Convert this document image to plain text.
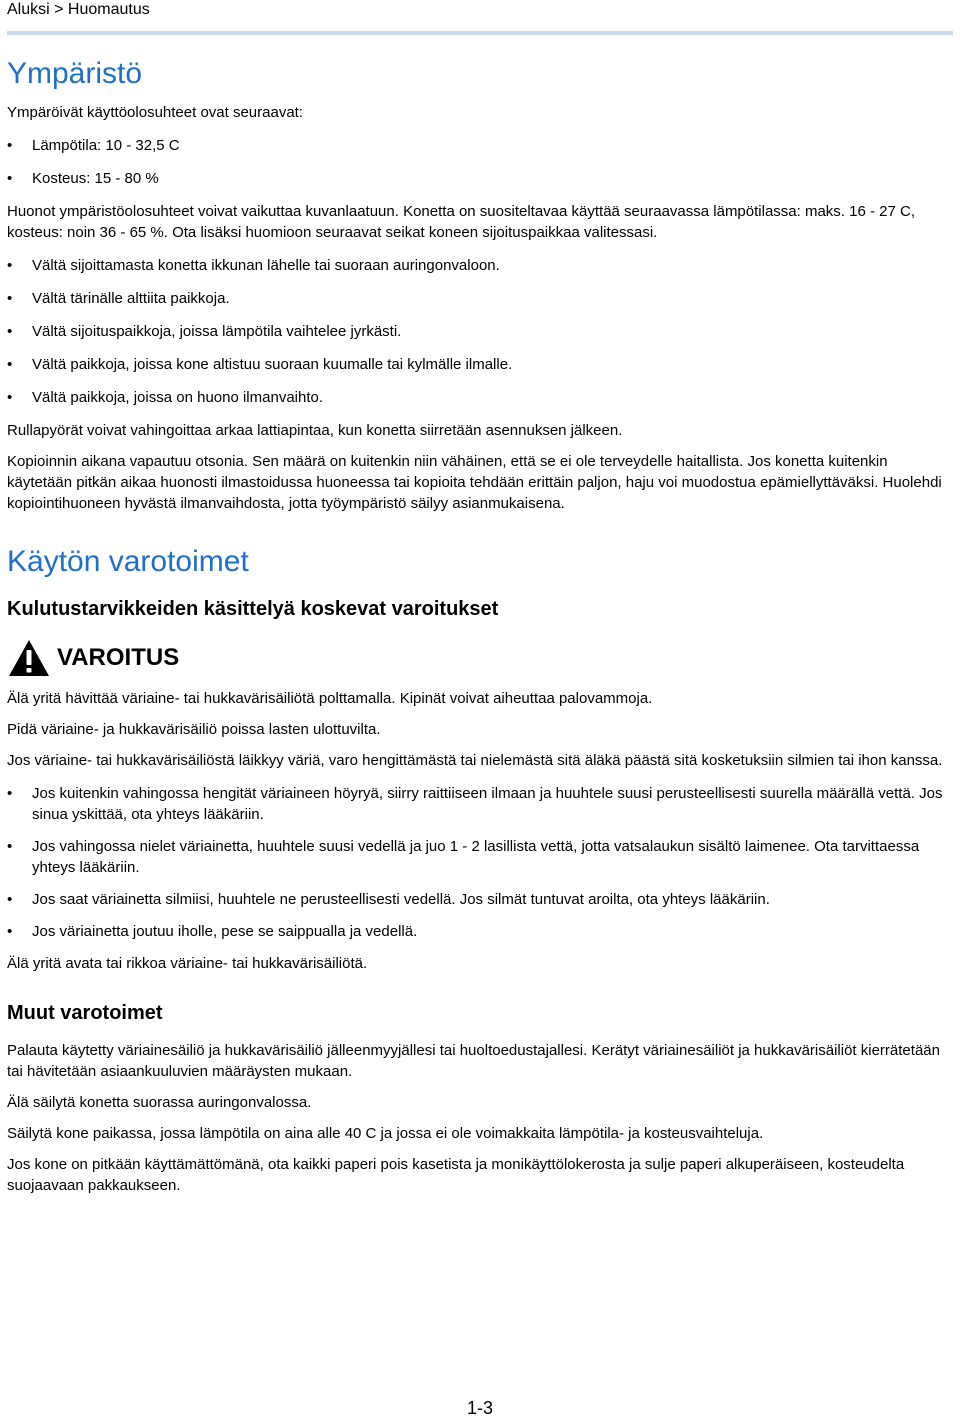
Aluksi > Huomautus
Ympäristö

Ympäröivät käyttöolosuhteet ovat seuraavat:

• Lämpötila: 10 - 32,5 C
• Kosteus: 15 - 80 %

Huonot ympäristöolosuhteet voivat vaikuttaa kuvanlaatuun. Konetta on suositeltavaa käyttää seuraavassa lämpötilassa: maks. 16 - 27 C, kosteus: noin 36 - 65 %. Ota lisäksi huomioon seuraavat seikat koneen sijoituspaikkaa valitessasi.

• Vältä sijoittamasta konetta ikkunan lähelle tai suoraan auringonvaloon.
• Vältä tärinälle alttiita paikkoja.
• Vältä sijoituspaikkoja, joissa lämpötila vaihtelee jyrkästi.
• Vältä paikkoja, joissa kone altistuu suoraan kuumalle tai kylmälle ilmalle.
• Vältä paikkoja, joissa on huono ilmanvaihto.

Rullapyörät voivat vahingoittaa arkaa lattiapintaa, kun konetta siirretään asennuksen jälkeen.

Kopioinnin aikana vapautuu otsonia. Sen määrä on kuitenkin niin vähäinen, että se ei ole terveydelle haitallista. Jos konetta kuitenkin käytetään pitkän aikaa huonosti ilmastoidussa huoneessa tai kopioita tehdään erittäin paljon, haju voi muodostua epämiellyttäväksi. Huolehdi kopiointihuoneen hyvästä ilmanvaihdosta, jotta työympäristö säilyy asianmukaisena.

Käytön varotoimet
Kulutustarvikkeiden käsittelyä koskevat varoitukset
VAROITUS

Älä yritä hävittää väriaine- tai hukkavärisäiliötä polttamalla. Kipinät voivat aiheuttaa palovammoja.

Pidä väriaine- ja hukkavärisäiliö poissa lasten ulottuvilta.

Jos väriaine- tai hukkavärisäiliöstä läikkyy väriä, varo hengittämästä tai nielemästä sitä äläkä päästä sitä kosketuksiin silmien tai ihon kanssa.

• Jos kuitenkin vahingossa hengität väriaineen höyryä, siirry raittiiseen ilmaan ja huuhtele suusi perusteellisesti suurella määrällä vettä. Jos sinua yskittää, ota yhteys lääkäriin.
• Jos vahingossa nielet väriainetta, huuhtele suusi vedellä ja juo 1 - 2 lasillista vettä, jotta vatsalaukun sisältö laimenee. Ota tarvittaessa yhteys lääkäriin.
• Jos saat väriainetta silmiisi, huuhtele ne perusteellisesti vedellä. Jos silmät tuntuvat aroilta, ota yhteys lääkäriin.
• Jos väriainetta joutuu iholle, pese se saippualla ja vedellä.

Älä yritä avata tai rikkoa väriaine- tai hukkavärisäiliötä.

Muut varotoimet

Palauta käytetty väriainesäiliö ja hukkavärisäiliö jälleenmyyjällesi tai huoltoedustajallesi. Kerätyt väriainesäiliöt ja hukkavärisäiliöt kierrätetään tai hävitetään asiaankuuluvien määräysten mukaan.

Älä säilytä konetta suorassa auringonvalossa.

Säilytä kone paikassa, jossa lämpötila on aina alle 40 C ja jossa ei ole voimakkaita lämpötila- ja kosteusvaihteluja.

Jos kone on pitkään käyttämättömänä, ota kaikki paperi pois kasetista ja monikäyttölokerosta ja sulje paperi alkuperäiseen, kosteudelta suojaavaan pakkaukseen.

1-3
